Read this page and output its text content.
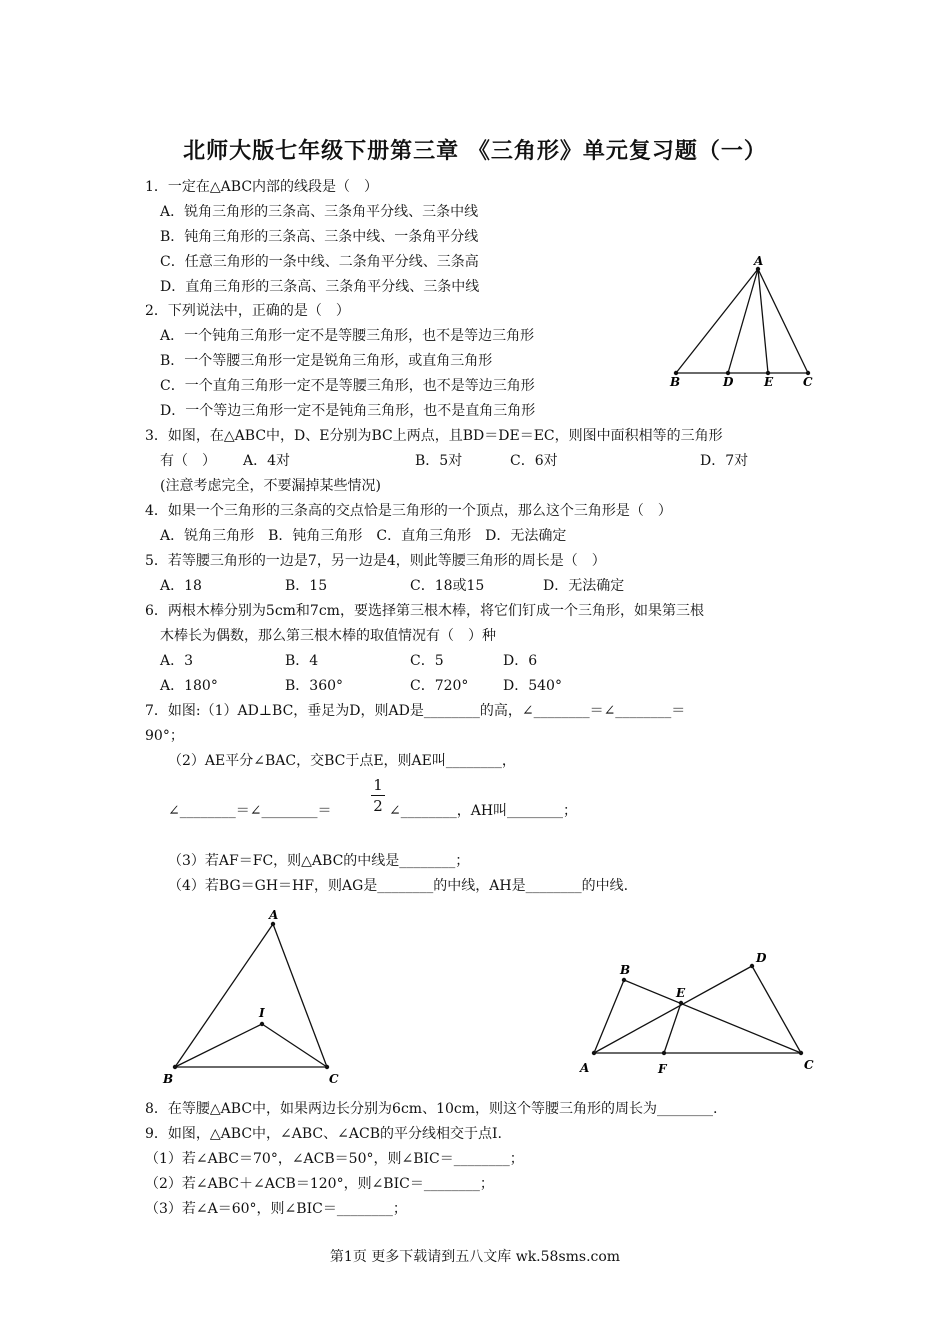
北师大版七年级下册第三章 《三角形》单元复习题（一）
1．一定在△ABC内部的线段是（　）
A．锐角三角形的三条高、三条角平分线、三条中线
B．钝角三角形的三条高、三条中线、一条角平分线
C．任意三角形的一条中线、二条角平分线、三条高
D．直角三角形的三条高、三条角平分线、三条中线
2．下列说法中，正确的是（　）
A．一个钝角三角形一定不是等腰三角形，也不是等边三角形
B．一个等腰三角形一定是锐角三角形，或直角三角形
C．一个直角三角形一定不是等腰三角形，也不是等边三角形
D．一个等边三角形一定不是钝角三角形，也不是直角三角形
3．如图，在△ABC中，D、E分别为BC上两点，且BD＝DE＝EC，则图中面积相等的三角形
有（　） A．4对	B．5对	C．6对	D．7对
(注意考虑完全，不要漏掉某些情况)
4．如果一个三角形的三条高的交点恰是三角形的一个顶点，那么这个三角形是（　）
A．锐角三角形　B．钝角三角形　C．直角三角形　D．无法确定
5．若等腰三角形的一边是7，另一边是4，则此等腰三角形的周长是（　）
A．18	B．15	C．18或15	D．无法确定
6．两根木棒分别为5cm和7cm，要选择第三根木棒，将它们钉成一个三角形，如果第三根
木棒长为偶数，那么第三根木棒的取值情况有（　）种
A．3	B．4	C．5	D．6
A．180°	B．360°	C．720° D．540°
7．如图:（1）AD⊥BC，垂足为D，则AD是________的高，∠________＝∠________＝
90°；
（2）AE平分∠BAC，交BC于点E，则AE叫________，
∠________＝∠________＝
1
2 ∠________，AH叫________；
（3）若AF＝FC，则△ABC的中线是________；
（4）若BG＝GH＝HF，则AG是________的中线，AH是________的中线.
8．在等腰△ABC中，如果两边长分别为6cm、10cm，则这个等腰三角形的周长为________.
9．如图，△ABC中，∠ABC、∠ACB的平分线相交于点I.
（1）若∠ABC＝70°，∠ACB＝50°，则∠BIC＝________；
（2）若∠ABC＋∠ACB＝120°，则∠BIC＝________；
（3）若∠A＝60°，则∠BIC＝________；
A
B	D	E C
A
I
B	C
B
D
E
A	F	C
第1页 更多下载请到五八文库 wk.58sms.com
